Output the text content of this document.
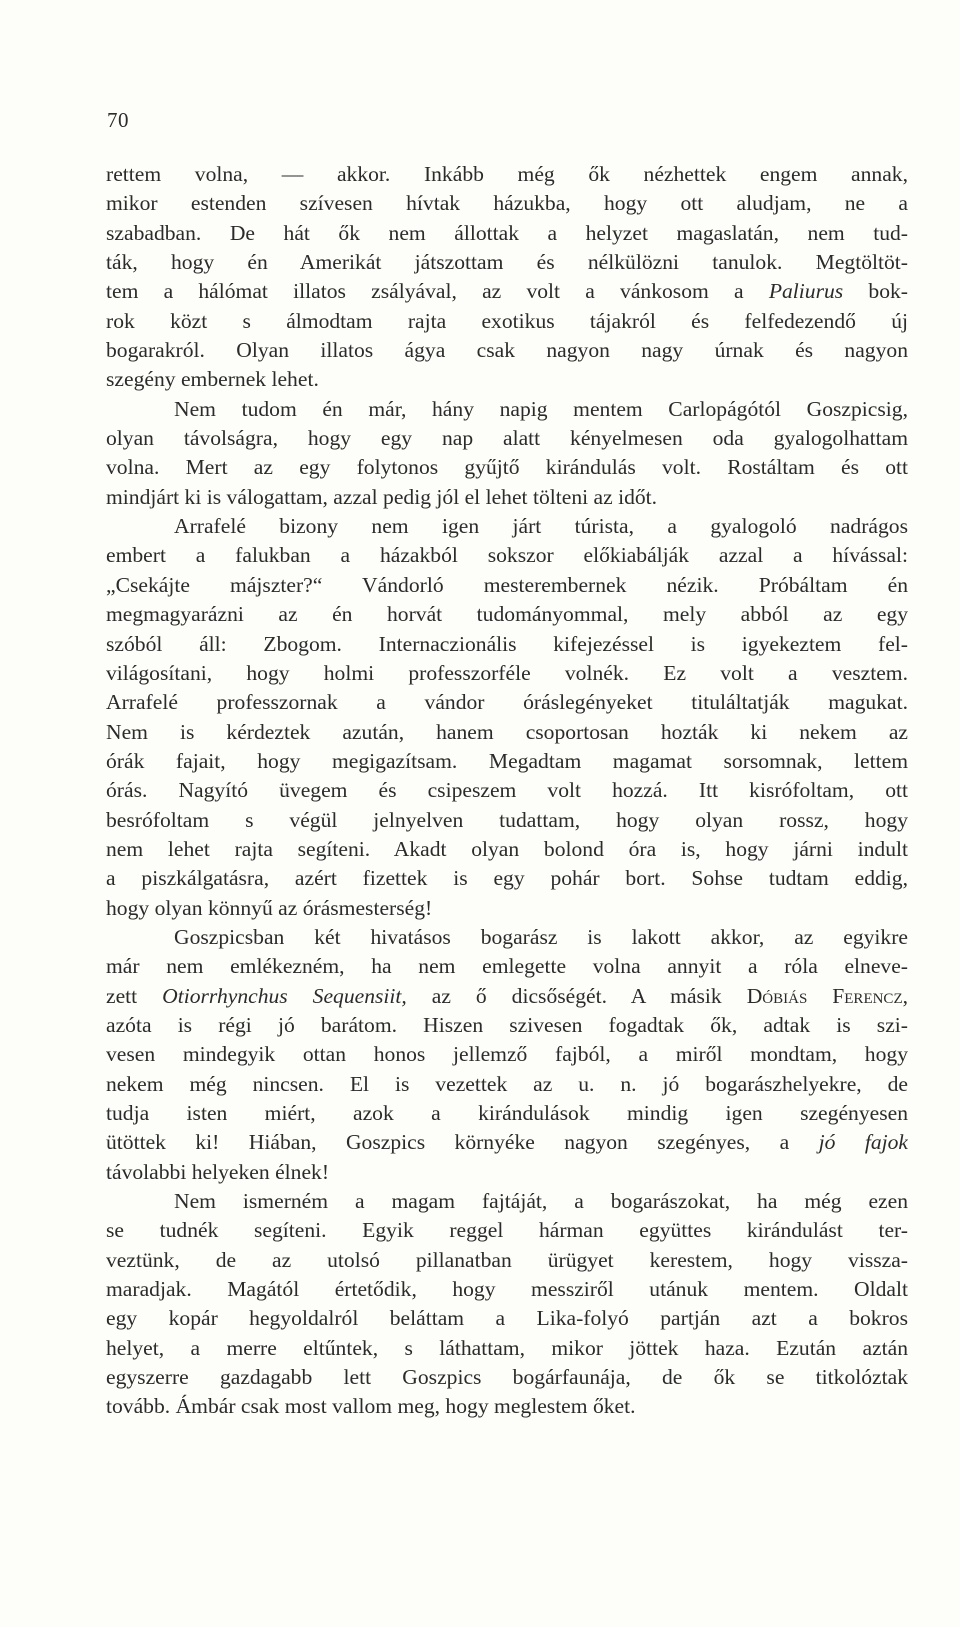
70
rettem volna, — akkor. Inkább még ők nézhettek engem annak,
mikor estenden szívesen hívtak házukba, hogy ott aludjam, ne a
szabadban. De hát ők nem állottak a helyzet magaslatán, nem tud-
ták, hogy én Amerikát játszottam és nélkülözni tanulok. Megtöltöt-
tem a hálómat illatos zsályával, az volt a vánkosom a Paliurus bok-
rok közt s álmodtam rajta exotikus tájakról és felfedezendő új
bogarakról. Olyan illatos ágya csak nagyon nagy úrnak és nagyon
szegény embernek lehet.
Nem tudom én már, hány napig mentem Carlopágótól Goszpicsig,
olyan távolságra, hogy egy nap alatt kényelmesen oda gyalogolhattam
volna. Mert az egy folytonos gyűjtő kirándulás volt. Rostáltam és ott
mindjárt ki is válogattam, azzal pedig jól el lehet tölteni az időt.
Arrafelé bizony nem igen járt túrista, a gyalogoló nadrágos
embert a falukban a házakból sokszor előkiabálják azzal a hívással:
„Csekájte májszter?“ Vándorló mesterembernek nézik. Próbáltam én
megmagyarázni az én horvát tudományommal, mely abból az egy
szóból áll: Zbogom. Internaczionális kifejezéssel is igyekeztem fel-
világosítani, hogy holmi professzorféle volnék. Ez volt a vesztem.
Arrafelé professzornak a vándor óráslegényeket tituláltatják magukat.
Nem is kérdeztek azután, hanem csoportosan hozták ki nekem az
órák fajait, hogy megigazítsam. Megadtam magamat sorsomnak, lettem
órás. Nagyító üvegem és csipeszem volt hozzá. Itt kisrófoltam, ott
besrófoltam s végül jelnyelven tudattam, hogy olyan rossz, hogy
nem lehet rajta segíteni. Akadt olyan bolond óra is, hogy járni indult
a piszkálgatásra, azért fizettek is egy pohár bort. Sohse tudtam eddig,
hogy olyan könnyű az órásmesterség!
Goszpicsban két hivatásos bogarász is lakott akkor, az egyikre
már nem emlékezném, ha nem emlegette volna annyit a róla elneve-
zett Otiorrhynchus Sequensiit, az ő dicsőségét. A másik Dóbiás Ferencz,
azóta is régi jó barátom. Hiszen szivesen fogadtak ők, adtak is szi-
vesen mindegyik ottan honos jellemző fajból, a miről mondtam, hogy
nekem még nincsen. El is vezettek az u. n. jó bogarászhelyekre, de
tudja isten miért, azok a kirándulások mindig igen szegényesen
ütöttek ki! Hiában, Goszpics környéke nagyon szegényes, a jó fajok
távolabbi helyeken élnek!
Nem ismerném a magam fajtáját, a bogarászokat, ha még ezen
se tudnék segíteni. Egyik reggel hárman együttes kirándulást ter-
veztünk, de az utolsó pillanatban ürügyet kerestem, hogy vissza-
maradjak. Magától értetődik, hogy messziről utánuk mentem. Oldalt
egy kopár hegyoldalról beláttam a Lika-folyó partján azt a bokros
helyet, a merre eltűntek, s láthattam, mikor jöttek haza. Ezután aztán
egyszerre gazdagabb lett Goszpics bogárfaunája, de ők se titkolóztak
tovább. Ámbár csak most vallom meg, hogy meglestem őket.
